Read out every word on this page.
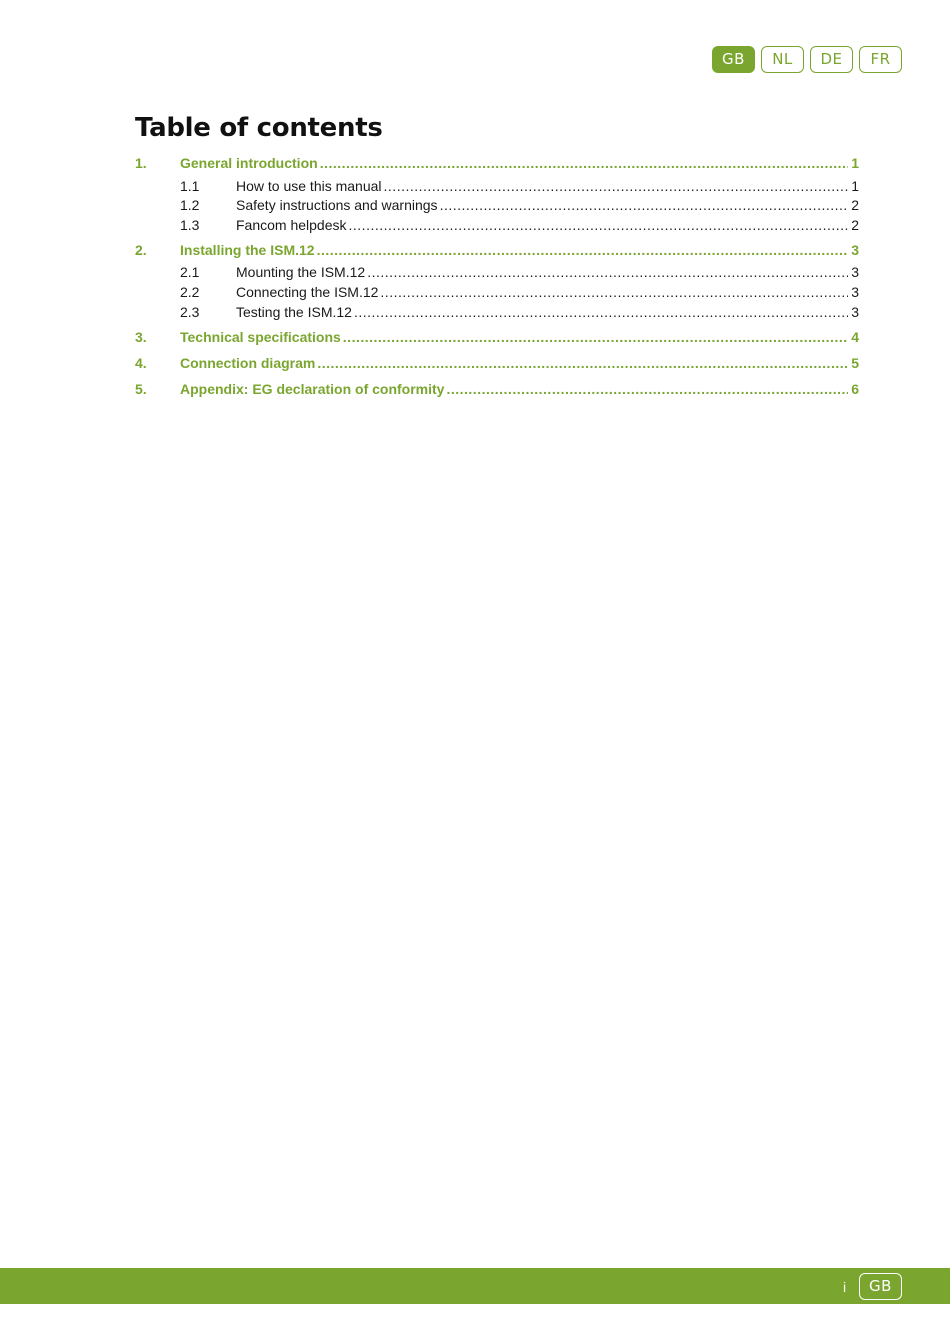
GB	NL	DE	FR
Table of contents
1.	General introduction .....	1
1.1	How to use this manual .....	1
1.2	Safety instructions and warnings .....	2
1.3	Fancom helpdesk .....	2
2.	Installing the ISM.12 .....	3
2.1	Mounting the ISM.12 .....	3
2.2	Connecting the ISM.12 .....	3
2.3	Testing the ISM.12 .....	3
3.	Technical specifications .....	4
4.	Connection diagram .....	5
5.	Appendix: EG declaration of conformity .....	6
i	GB
